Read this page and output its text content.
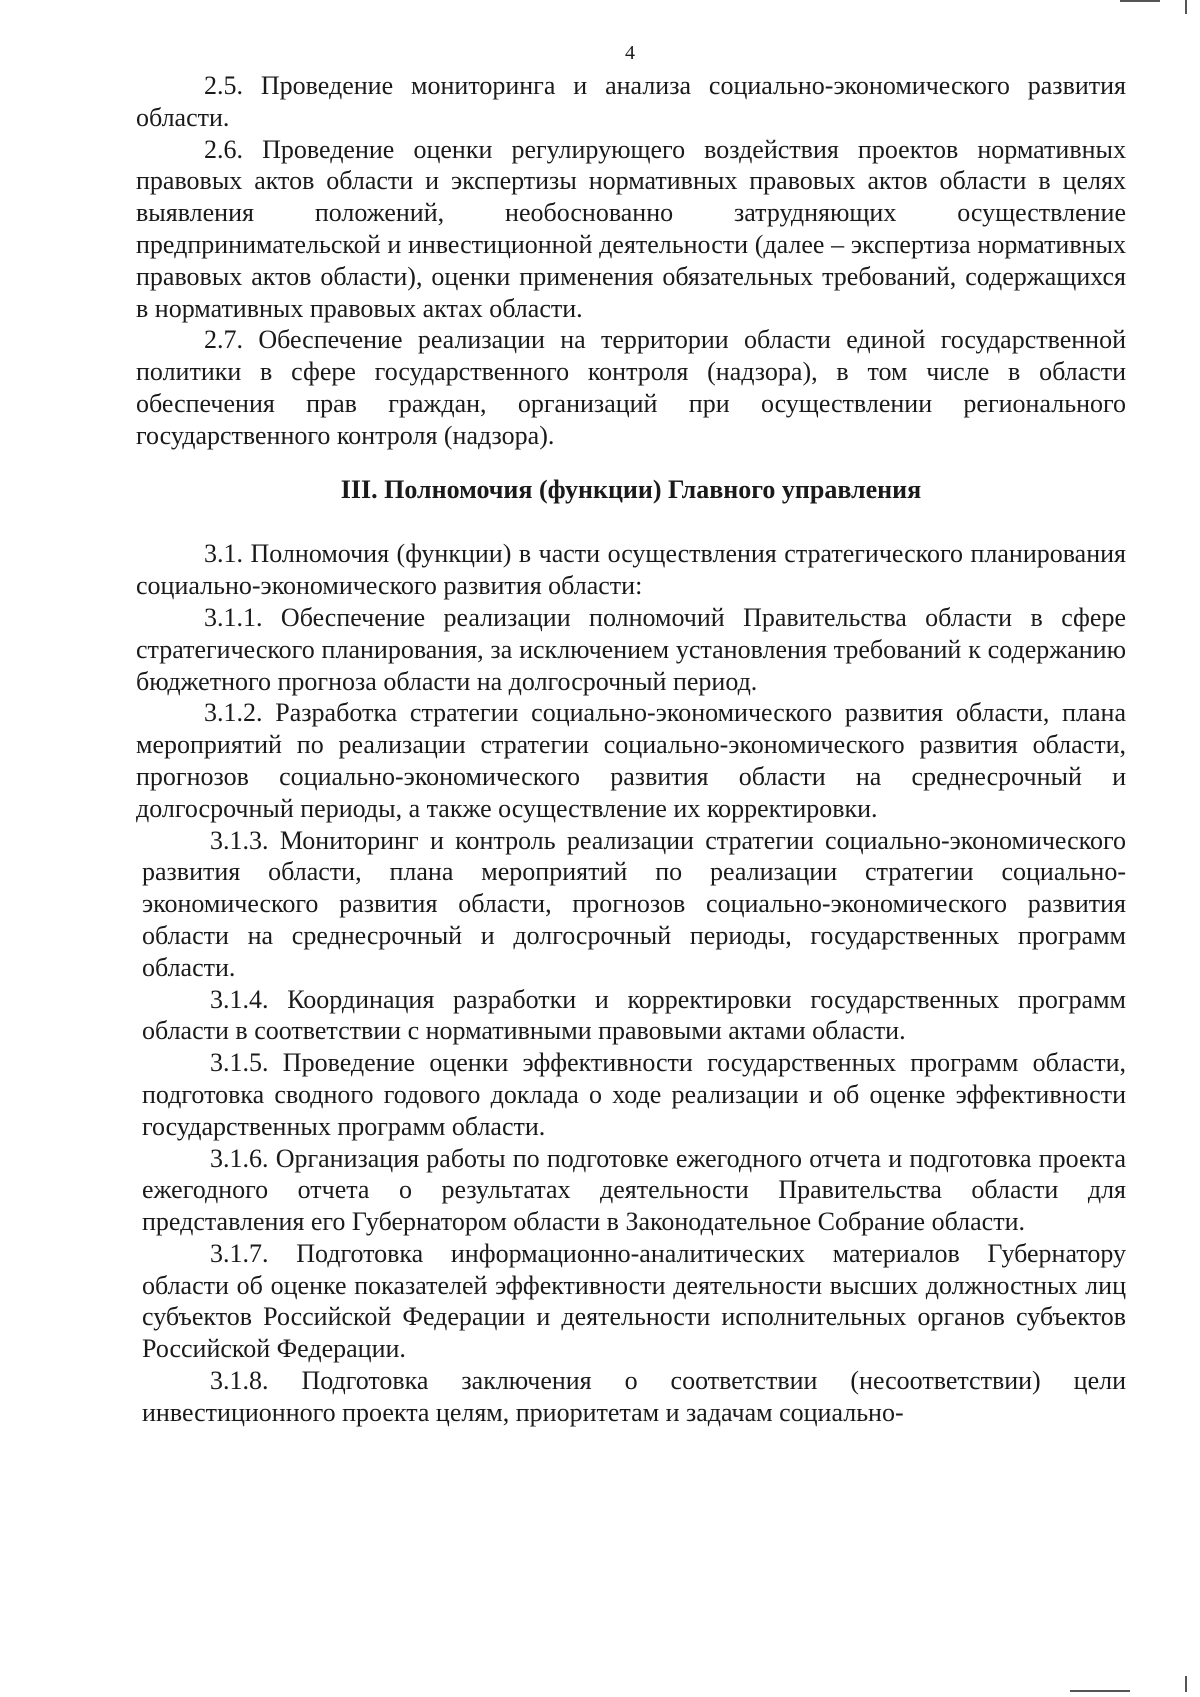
4

2.5. Проведение мониторинга и анализа социально-экономического развития области.

2.6. Проведение оценки регулирующего воздействия проектов нормативных правовых актов области и экспертизы нормативных правовых актов области в целях выявления положений, необоснованно затрудняющих осуществление предпринимательской и инвестиционной деятельности (далее – экспертиза нормативных правовых актов области), оценки применения обязательных требований, содержащихся в нормативных правовых актах области.

2.7. Обеспечение реализации на территории области единой государственной политики в сфере государственного контроля (надзора), в том числе в области обеспечения прав граждан, организаций при осуществлении регионального государственного контроля (надзора).

III. Полномочия (функции) Главного управления

3.1. Полномочия (функции) в части осуществления стратегического планирования социально-экономического развития области:

3.1.1. Обеспечение реализации полномочий Правительства области в сфере стратегического планирования, за исключением установления требований к содержанию бюджетного прогноза области на долгосрочный период.

3.1.2. Разработка стратегии социально-экономического развития области, плана мероприятий по реализации стратегии социально-экономического развития области, прогнозов социально-экономического развития области на среднесрочный и долгосрочный периоды, а также осуществление их корректировки.

3.1.3. Мониторинг и контроль реализации стратегии социально-экономического развития области, плана мероприятий по реализации стратегии социально-экономического развития области, прогнозов социально-экономического развития области на среднесрочный и долгосрочный периоды, государственных программ области.

3.1.4. Координация разработки и корректировки государственных программ области в соответствии с нормативными правовыми актами области.

3.1.5. Проведение оценки эффективности государственных программ области, подготовка сводного годового доклада о ходе реализации и об оценке эффективности государственных программ области.

3.1.6. Организация работы по подготовке ежегодного отчета и подготовка проекта ежегодного отчета о результатах деятельности Правительства области для представления его Губернатором области в Законодательное Собрание области.

3.1.7. Подготовка информационно-аналитических материалов Губернатору области об оценке показателей эффективности деятельности высших должностных лиц субъектов Российской Федерации и деятельности исполнительных органов субъектов Российской Федерации.

3.1.8. Подготовка заключения о соответствии (несоответствии) цели инвестиционного проекта целям, приоритетам и задачам социально-
